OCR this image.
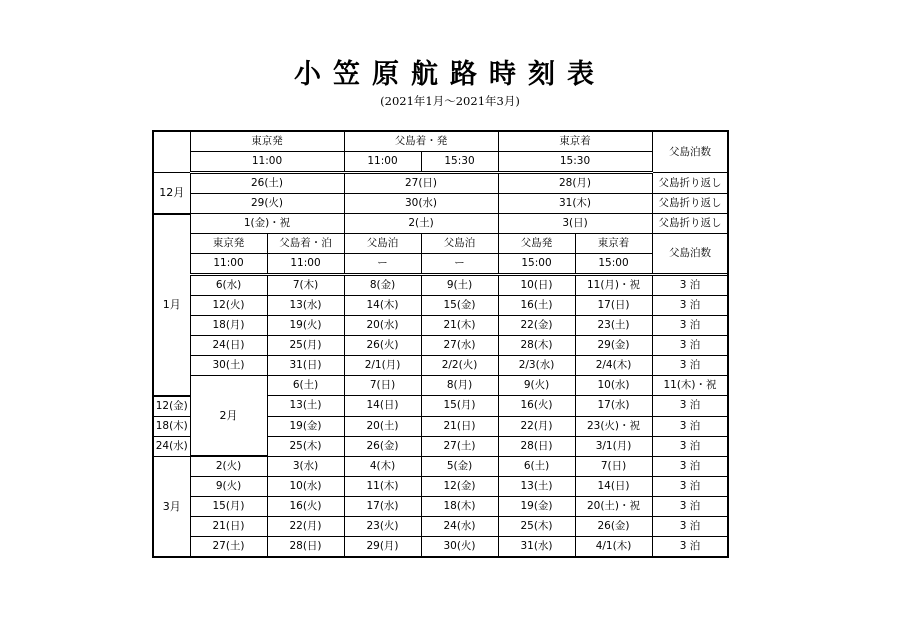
小笠原航路時刻表
(2021年1月～2021年3月)
	東京発		父島着・発		東京着		父島泊数	
	11:00		11:00	15:30	15:30			
12月	26(土)		27(日)		28(月)		父島折り返し	
	29(火)		30(水)		31(木)		父島折り返し	
1月	1(金)・祝		2(土)		3(日)		父島折り返し	
	東京発	父島着・泊	父島泊	父島泊	父島発	東京着	父島泊数	
	11:00	11:00	ー	ー	15:00	15:00		
	6(水)	7(木)	8(金)	9(土)	10(日)	11(月)・祝	3 泊	
	12(火)	13(水)	14(木)	15(金)	16(土)	17(日)	3 泊	
	18(月)	19(火)	20(水)	21(木)	22(金)	23(土)	3 泊	
	24(日)	25(月)	26(火)	27(水)	28(木)	29(金)	3 泊	
	30(土)	31(日)	2/1(月)	2/2(火)	2/3(水)	2/4(木)	3 泊	
	2月	6(土)	7(日)	8(月)	9(火)	10(水)	11(木)・祝	
12(金)		13(土)	14(日)	15(月)	16(火)	17(水)	3 泊	
18(木)		19(金)	20(土)	21(日)	22(月)	23(火)・祝	3 泊	
24(水)		25(木)	26(金)	27(土)	28(日)	3/1(月)	3 泊	
3月	2(火)	3(水)	4(木)	5(金)	6(土)	7(日)	3 泊	
	9(火)	10(水)	11(木)	12(金)	13(土)	14(日)	3 泊	
	15(月)	16(火)	17(水)	18(木)	19(金)	20(土)・祝	3 泊	
	21(日)	22(月)	23(火)	24(水)	25(木)	26(金)	3 泊	
	27(土)	28(日)	29(月)	30(火)	31(水)	4/1(木)	3 泊	
